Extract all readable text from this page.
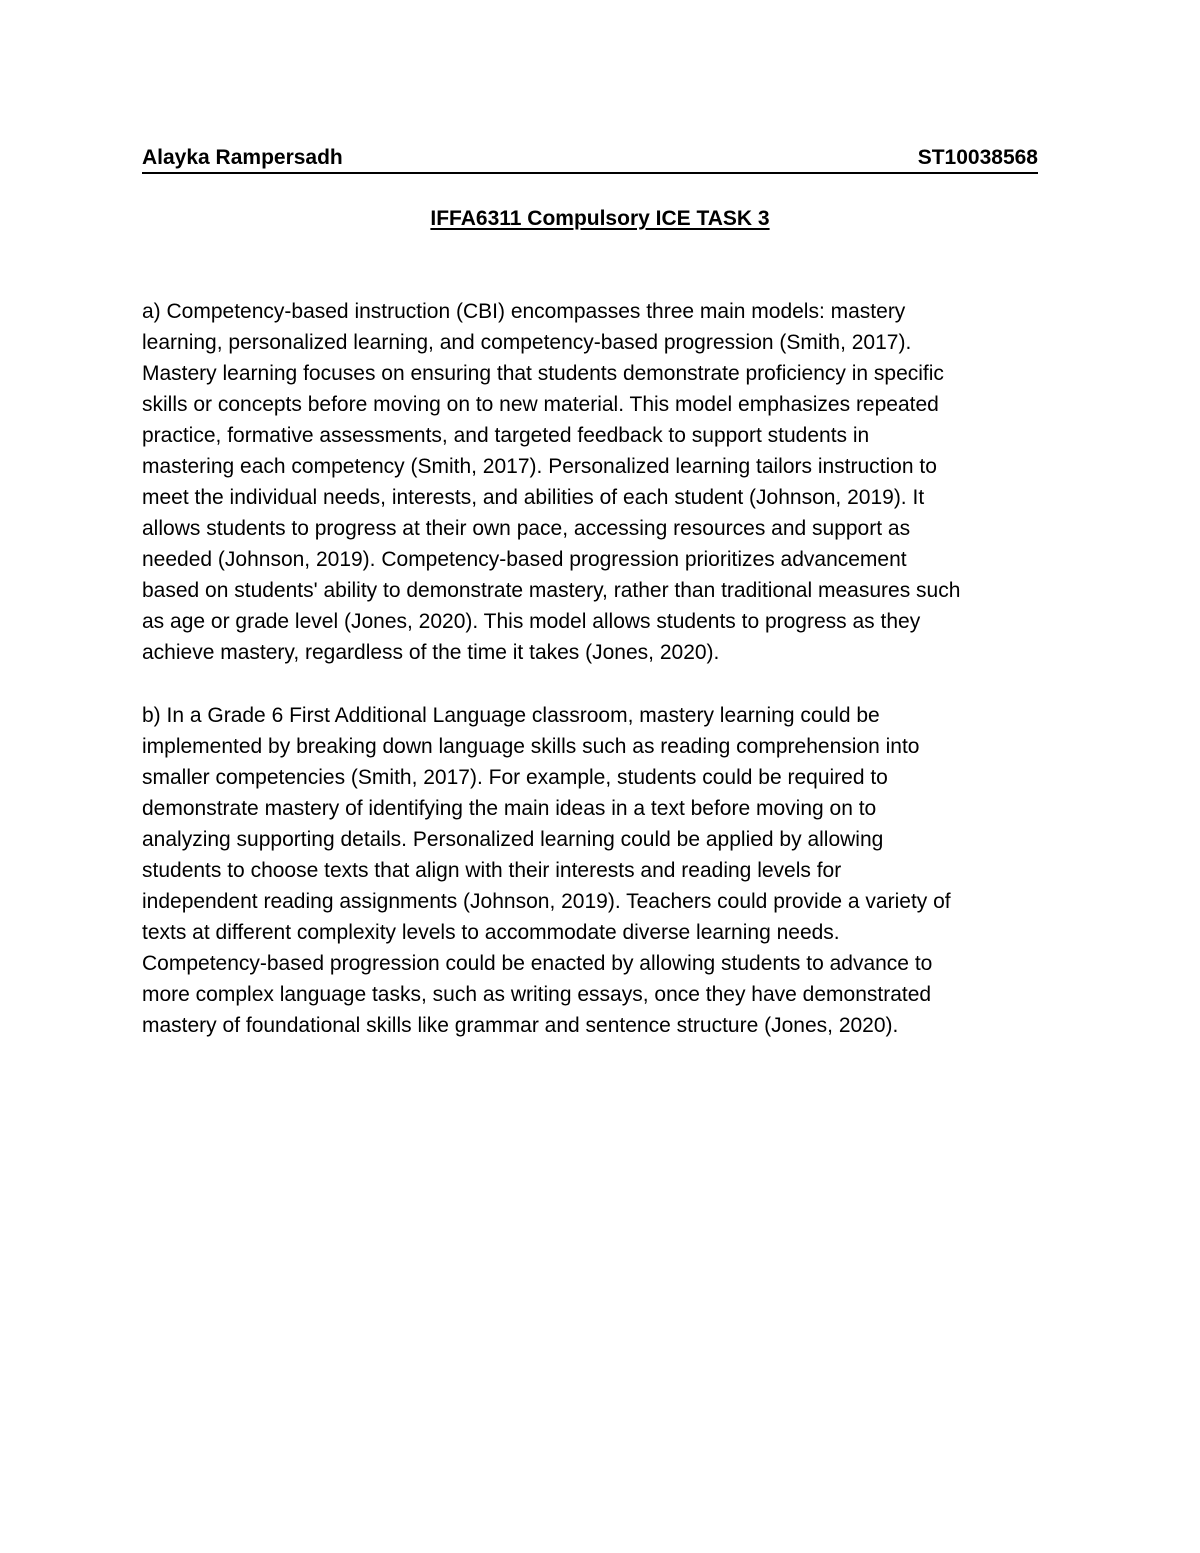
Alayka Rampersadh	ST10038568
IFFA6311 Compulsory ICE TASK 3
a) Competency-based instruction (CBI) encompasses three main models: mastery
learning, personalized learning, and competency-based progression (Smith, 2017).
Mastery learning focuses on ensuring that students demonstrate proficiency in specific
skills or concepts before moving on to new material. This model emphasizes repeated
practice, formative assessments, and targeted feedback to support students in
mastering each competency (Smith, 2017). Personalized learning tailors instruction to
meet the individual needs, interests, and abilities of each student (Johnson, 2019). It
allows students to progress at their own pace, accessing resources and support as
needed (Johnson, 2019). Competency-based progression prioritizes advancement
based on students' ability to demonstrate mastery, rather than traditional measures such
as age or grade level (Jones, 2020). This model allows students to progress as they
achieve mastery, regardless of the time it takes (Jones, 2020).
b) In a Grade 6 First Additional Language classroom, mastery learning could be
implemented by breaking down language skills such as reading comprehension into
smaller competencies (Smith, 2017). For example, students could be required to
demonstrate mastery of identifying the main ideas in a text before moving on to
analyzing supporting details. Personalized learning could be applied by allowing
students to choose texts that align with their interests and reading levels for
independent reading assignments (Johnson, 2019). Teachers could provide a variety of
texts at different complexity levels to accommodate diverse learning needs.
Competency-based progression could be enacted by allowing students to advance to
more complex language tasks, such as writing essays, once they have demonstrated
mastery of foundational skills like grammar and sentence structure (Jones, 2020).
